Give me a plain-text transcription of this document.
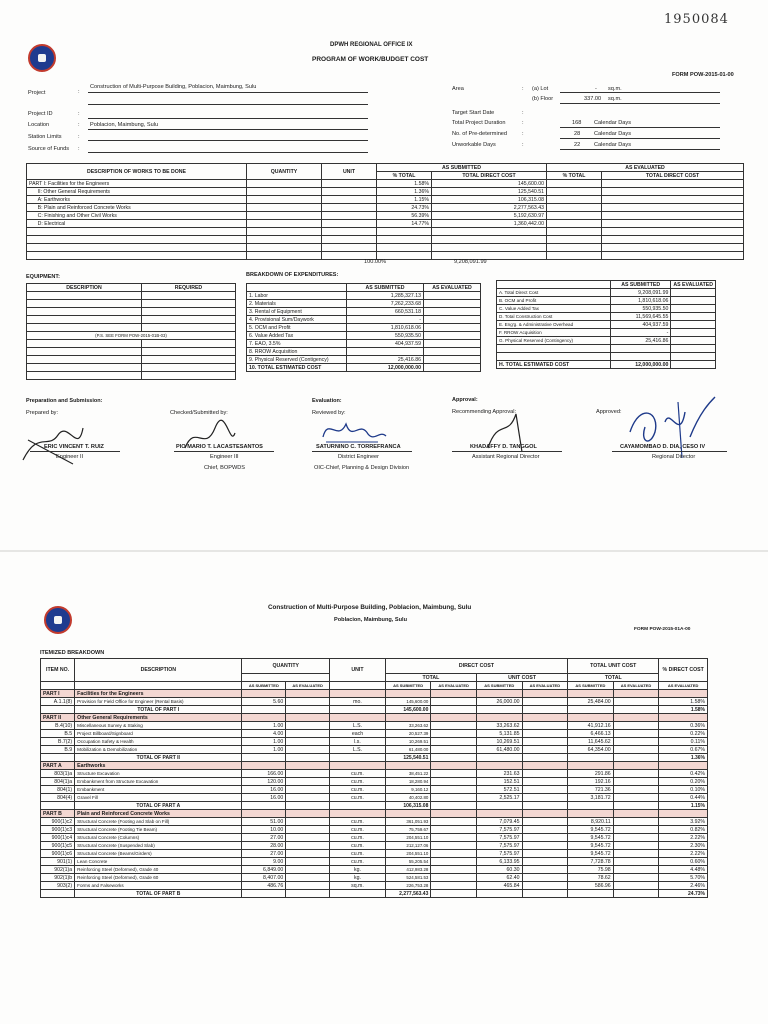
1950084
DPWH REGIONAL OFFICE IX
PROGRAM OF WORK/BUDGET COST
FORM POW-2015-01-00
Project	:
Construction of Multi-Purpose Building, Poblacion, Maimbung, Sulu
Project ID	:
Location	: Poblacion, Maimbung, Sulu
Station Limits	:
Source of Funds :
Area	: (a) Lot	- sq.m.
(b) Floor	337.00 sq.m.
Target Start Date	:
Total Project Duration	:	168 Calendar Days
No. of Pre-determined	:	28 Calendar Days
Unworkable Days	:	22 Calendar Days
DESCRIPTION OF WORKS TO BE DONE	QUANTITY	UNIT	AS SUBMITTED		AS EVALUATED	
			% TOTAL	TOTAL DIRECT COST	% TOTAL	TOTAL DIRECT COST
PART I: Facilities for the Engineers			1.58%	145,600.00		
II: Other General Requirements			1.36%	125,540.51		
A: Earthworks			1.15%	106,315.08		
B: Plain and Reinforced Concrete Works			24.73%	2,277,563.43		
C: Finishing and Other Civil Works			56.39%	5,192,630.97		
D: Electrical			14.77%	1,360,442.00		

100.00%	9,208,091.99
EQUIPMENT:
DESCRIPTION	REQUIRED

(P.S. SEE FORM POW-2015-01B-03)	

BREAKDOWN OF EXPENDITURES:
	AS SUBMITTED	AS EVALUATED
1. Labor	1,285,327.13	
2. Materials	7,262,233.68	
3. Rental of Equipment	660,531.18	
4. Provisional Sum/Daywork	-	
5. OCM and Profit	1,810,618.06	
6. Value Added Tax	550,935.50	
7. EAO, 3.5%	404,937.59	
8. RROW Acquisition		
9. Physical Reserved (Contigency)	25,416.86	
10. TOTAL ESTIMATED COST	12,000,000.00	
	AS SUBMITTED	AS EVALUATED
A. Total Direct Cost	9,208,091.99	
B. OCM and Profit	1,810,618.06	
C. Value Added Tax	550,935.50	
D. Total Construction Cost	11,569,645.55	
E. Eng'g. & Administrative Overhead	404,937.59	
F. RROW Acquisition	-	
G. Physical Reserved (Contingency)	25,416.86	

H. TOTAL ESTIMATED COST	12,000,000.00	
Preparation and Submission:
Prepared by:	Checked/Submitted by:
Evaluation:
Reviewed by:
Approval:
Recommending Approval:	Approved:
ERIC VINCENT T. RUIZ
Engineer II
PIO MARIO T. LACASTESANTOS
Engineer III
Chief, BOPWDS
SATURNINO C. TORREFRANCA
District Engineer
OIC-Chief, Planning & Design Division
KHADAFFY D. TANGGOL
Assistant Regional Director
CAYAMOMBAO D. DIA, CESO IV
Regional Director
Construction of Multi-Purpose Building, Poblacion, Maimbung, Sulu
Poblacion, Maimbung, Sulu
FORM POW-2015-01A-00
ITEMIZED BREAKDOWN
ITEM NO.	DESCRIPTION	QUANTITY		UNIT	DIRECT COST				TOTAL UNIT COST		% DIRECT COST
					TOTAL		UNIT COST		TOTAL		
		AS SUBMITTED	AS EVALUATED		AS SUBMITTED	AS EVALUATED	AS SUBMITTED	AS EVALUATED	AS SUBMITTED	AS EVALUATED	AS EVALUATED
PART I	Facilities for the Engineers										
A.1.1(8)	Provision for Field Office for Engineer (Rental Basis)	5.60		mo.	145,600.00		26,000.00		25,484.00		1.58%
	TOTAL OF PART I				145,600.00						1.58%
PART II	Other General Requirements										
B.4(10)	Miscellaneous Survey & Staking	1.00		L.S.	33,263.62		33,263.62		41,912.16		0.36%
B.5	Project Billboard/Signboard	4.00		each	20,527.39		5,131.85		6,466.13		0.22%
B.7(2)	Occupation Safety & Health	1.00		l.s.	10,269.51		10,269.51		11,645.62		0.11%
B.9	Mobilization & Demobilization	1.00		L.S.	61,480.00		61,480.00		64,354.00		0.67%
	TOTAL OF PART II				125,540.51						1.36%
PART A	Earthworks										
803(1)a	Structure Excavation	166.00		cu.m.	38,451.22		231.63		291.86		0.42%
804(1)a	Embankment from Structure Excavation	120.00		cu.m.	18,280.94		152.51		192.16		0.20%
804(1)	Embankment	16.00		cu.m.	9,160.12		572.51		721.36		0.10%
804(4)	Gravel Fill	16.00		cu.m.	40,402.80		2,525.17		3,181.72		0.44%
	TOTAL OF PART A				106,315.08						1.15%
PART B	Plain and Reinforced Concrete Works										
900(1)c2	Structural Concrete (Footing and Slab on Fill)	51.00		cu.m.	361,051.93		7,079.45		8,920.11		3.92%
900(1)c3	Structural Concrete (Footing Tie Beam)	10.00		cu.m.	75,759.67		7,575.97		9,545.72		0.82%
900(1)c4	Structural Concrete (Columns)	27.00		cu.m.	204,551.10		7,575.97		9,545.72		2.22%
900(1)c5	Structural Concrete (Suspended Slab)	28.00		cu.m.	212,127.06		7,575.97		9,545.72		2.30%
900(1)c6	Structural Concrete (Beams/Girders)	27.00		cu.m.	204,551.10		7,575.97		9,545.72		2.22%
901(1)	Lean Concrete	9.00		cu.m.	55,205.54		6,133.95		7,728.78		0.60%
902(1)a	Reinforcing Steel (Deformed), Grade 40	6,849.00		kg.	412,983.28		60.30		75.98		4.48%
902(1)b	Reinforcing Steel (Deformed), Grade 60	8,407.00		kg.	524,581.53		62.40		78.62		5.70%
903(2)	Forms and Falseworks	486.76		sq.m.	226,753.28		465.84		586.96		2.46%
	TOTAL OF PART B				2,277,563.43						24.73%
